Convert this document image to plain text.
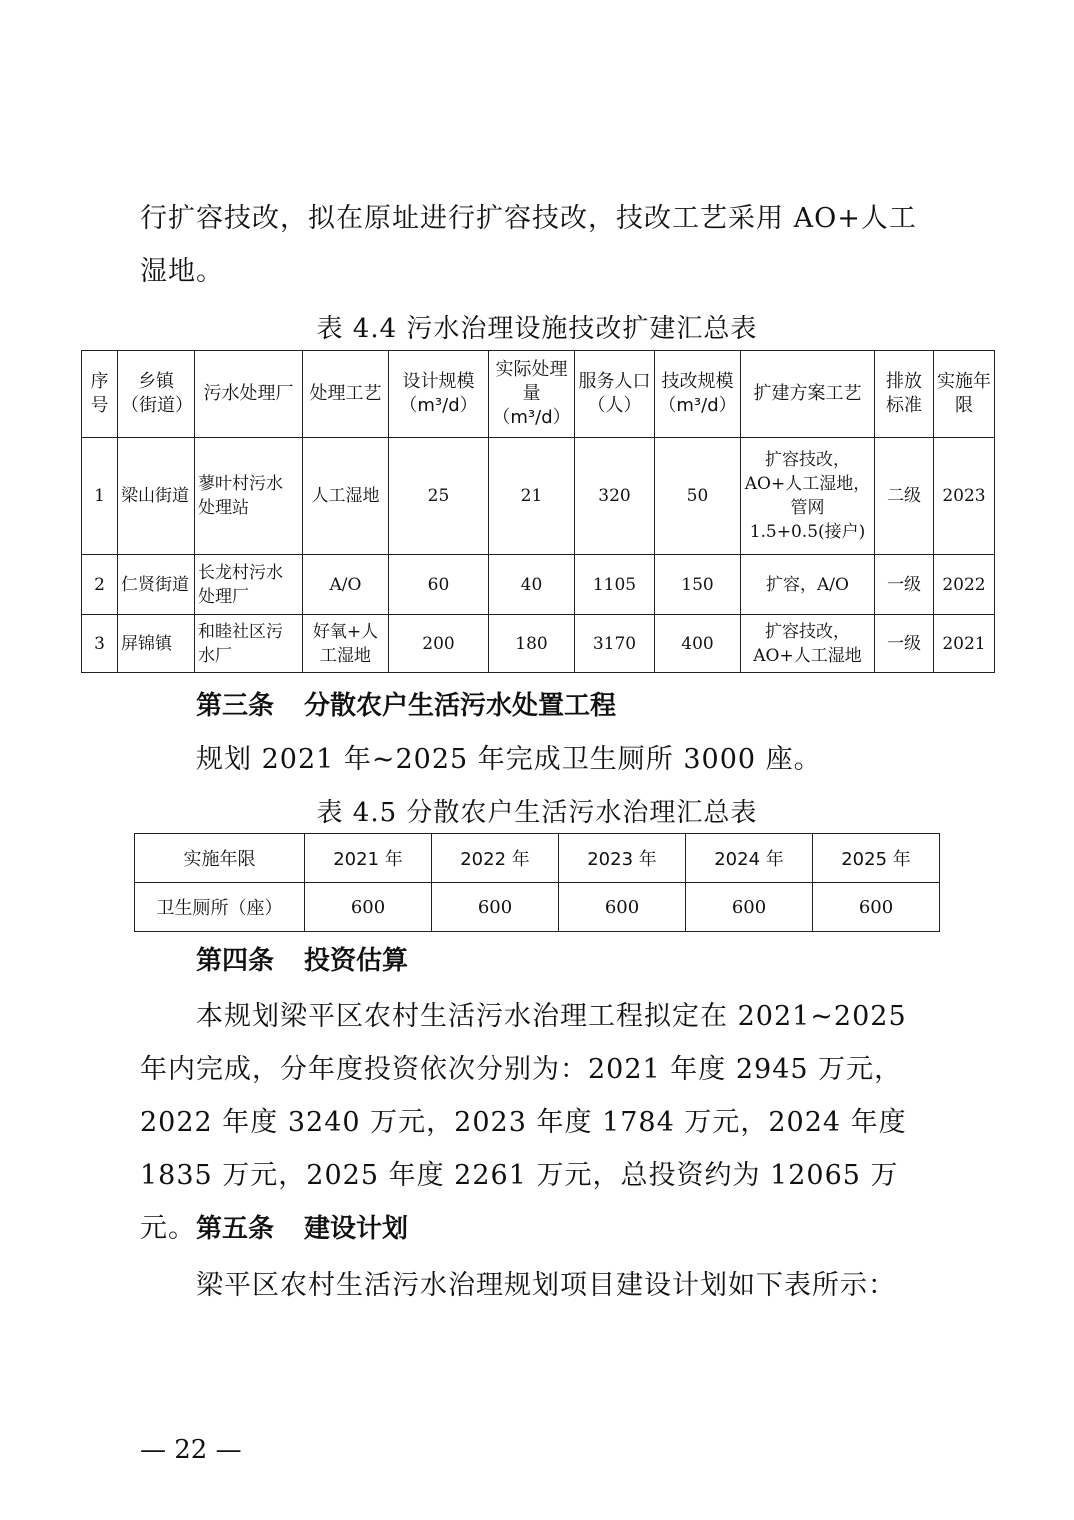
行扩容技改，拟在原址进行扩容技改，技改工艺采用 AO+人工湿地。

表 4.4 污水治理设施技改扩建汇总表

序号	乡镇（街道）	污水处理厂	处理工艺	设计规模（m³/d）	实际处理量（m³/d）	服务人口（人）	技改规模（m³/d）	扩建方案工艺	排放标准	实施年限
1	梁山街道	蓼叶村污水处理站	人工湿地	25	21	320	50	扩容技改，AO+人工湿地，管网 1.5+0.5(接户)	二级	2023
2	仁贤街道	长龙村污水处理厂	A/O	60	40	1105	150	扩容，A/O	一级	2022
3	屏锦镇	和睦社区污水厂	好氧+人工湿地	200	180	3170	400	扩容技改，AO+人工湿地	一级	2021
第三条 分散农户生活污水处置工程

规划 2021 年~2025 年完成卫生厕所 3000 座。

表 4.5 分散农户生活污水治理汇总表

实施年限	2021 年	2022 年	2023 年	2024 年	2025 年
卫生厕所（座）	600	600	600	600	600
第四条 投资估算

本规划梁平区农村生活污水治理工程拟定在 2021~2025 年内完成，分年度投资依次分别为：2021 年度 2945 万元，2022 年度 3240 万元，2023 年度 1784 万元，2024 年度 1835 万元，2025 年度 2261 万元，总投资约为 12065 万元。 第五条 建设计划

梁平区农村生活污水治理规划项目建设计划如下表所示：

— 22 —
